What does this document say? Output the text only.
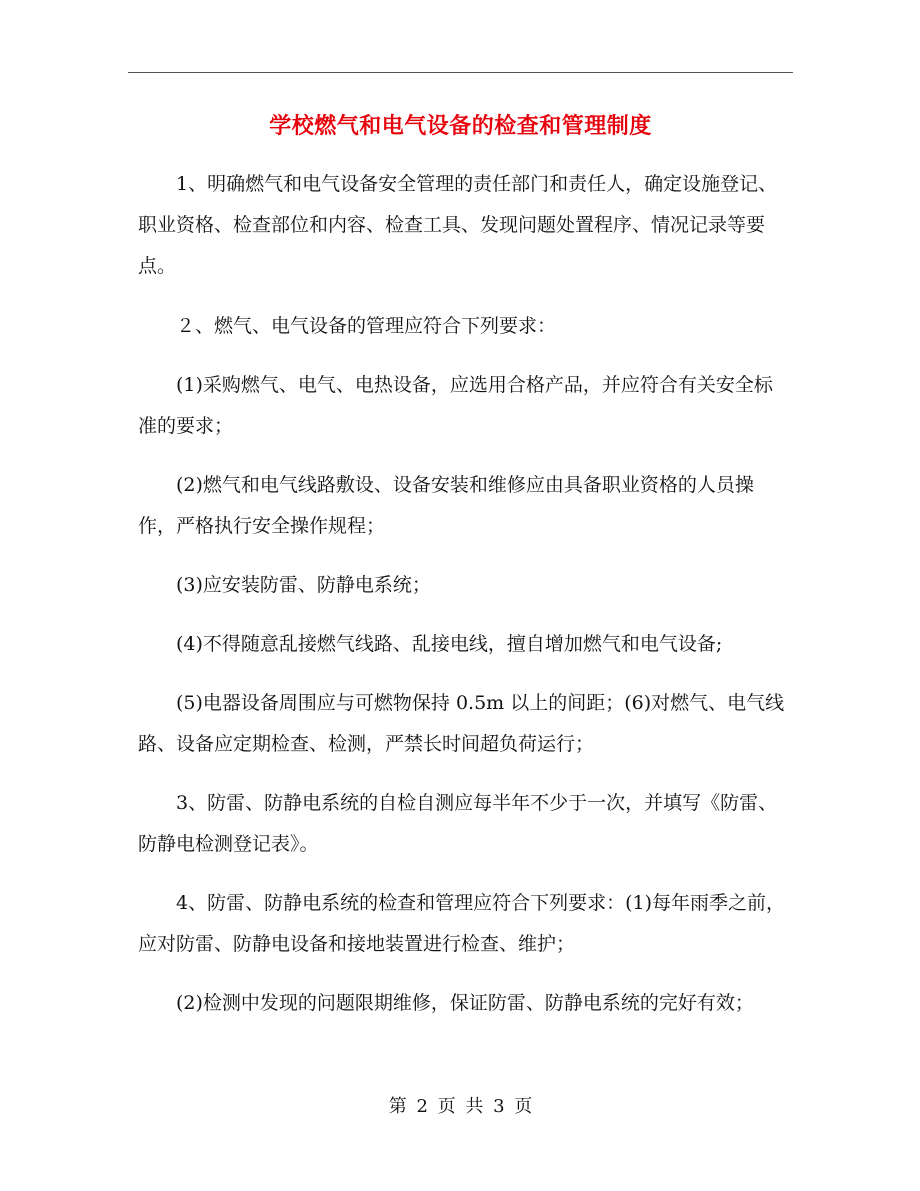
学校燃气和电气设备的检查和管理制度

1、明确燃气和电气设备安全管理的责任部门和责任人，确定设施登记、职业资格、检查部位和内容、检查工具、发现问题处置程序、情况记录等要点。

２、燃气、电气设备的管理应符合下列要求：

(1)采购燃气、电气、电热设备，应选用合格产品，并应符合有关安全标准的要求；

(2)燃气和电气线路敷设、设备安装和维修应由具备职业资格的人员操作，严格执行安全操作规程；

(3)应安装防雷、防静电系统；

(4)不得随意乱接燃气线路、乱接电线，擅自增加燃气和电气设备;

(5)电器设备周围应与可燃物保持 0.5m 以上的间距；(6)对燃气、电气线路、设备应定期检查、检测，严禁长时间超负荷运行；

3、防雷、防静电系统的自检自测应每半年不少于一次，并填写《防雷、防静电检测登记表》。

4、防雷、防静电系统的检查和管理应符合下列要求：(1)每年雨季之前，应对防雷、防静电设备和接地装置进行检查、维护；

(2)检测中发现的问题限期维修，保证防雷、防静电系统的完好有效；

第 2 页 共 3 页
